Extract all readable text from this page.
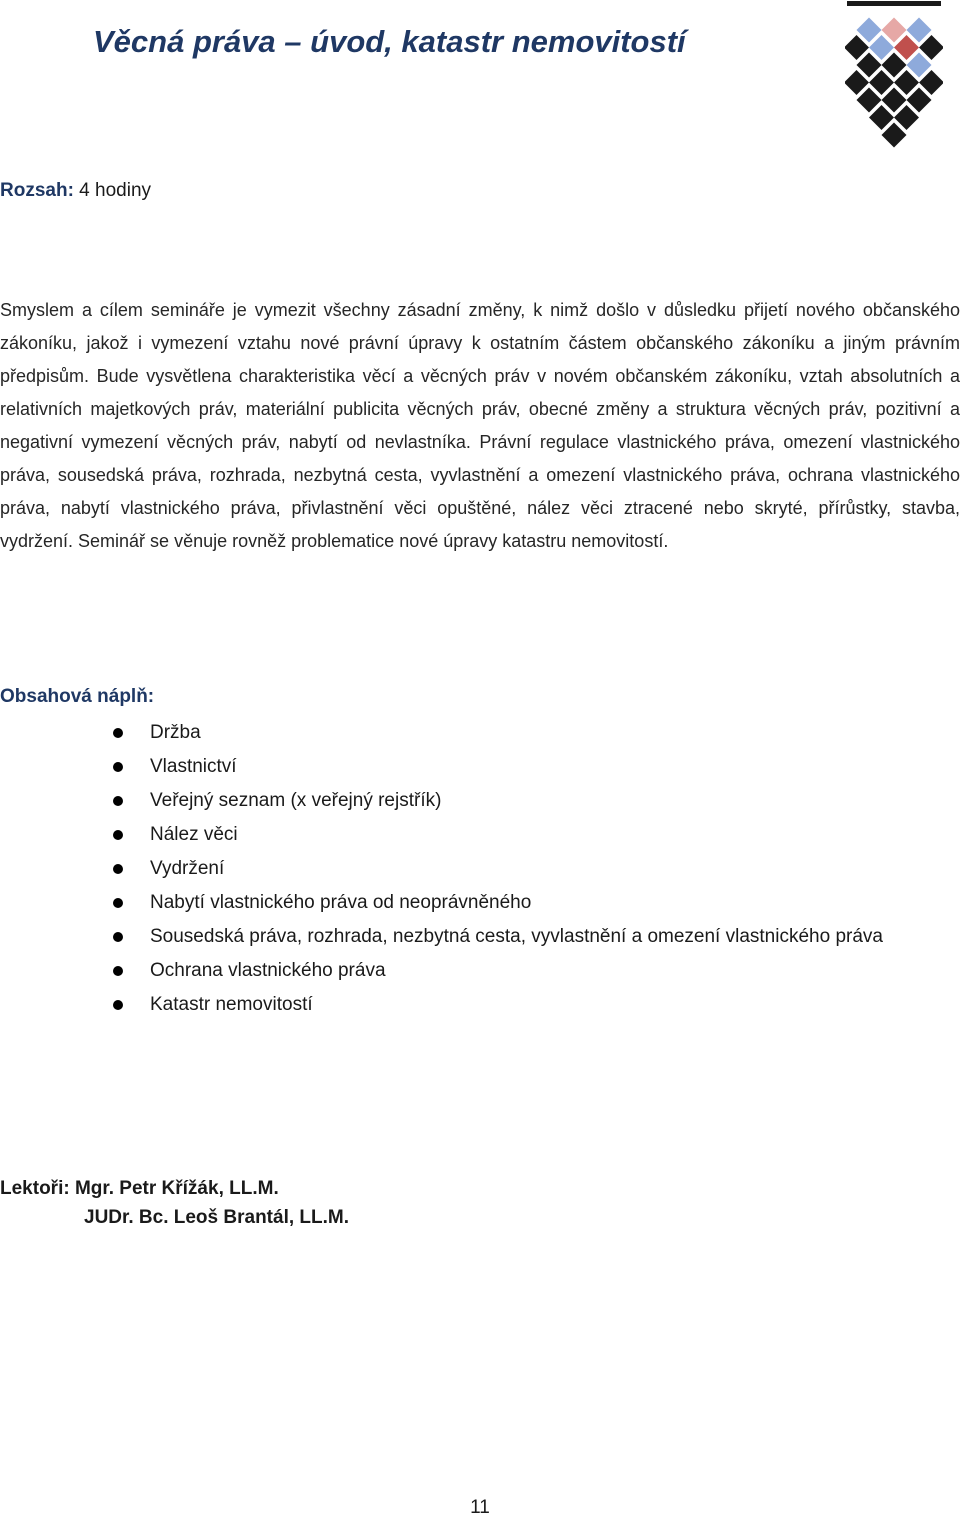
Věcná práva – úvod, katastr nemovitostí
Rozsah: 4 hodiny

Smyslem a cílem semináře je vymezit všechny zásadní změny, k nimž došlo v důsledku přijetí nového občanského zákoníku, jakož i vymezení vztahu nové právní úpravy k ostatním částem občanského zákoníku a jiným právním předpisům. Bude vysvětlena charakteristika věcí a věcných práv v novém občanském zákoníku, vztah absolutních a relativních majetkových práv, materiální publicita věcných práv, obecné změny a struktura věcných práv, pozitivní a negativní vymezení věcných práv, nabytí od nevlastníka. Právní regulace vlastnického práva, omezení vlastnického práva, sousedská práva, rozhrada, nezbytná cesta, vyvlastnění a omezení vlastnického práva, ochrana vlastnického práva, nabytí vlastnického práva, přivlastnění věci opuštěné, nález věci ztracené nebo skryté, přírůstky, stavba, vydržení. Seminář se věnuje rovněž problematice nové úpravy katastru nemovitostí.

Obsahová náplň:
Držba
Vlastnictví
Veřejný seznam (x veřejný rejstřík)
Nález věci
Vydržení
Nabytí vlastnického práva od neoprávněného
Sousedská práva, rozhrada, nezbytná cesta, vyvlastnění a omezení vlastnického práva
Ochrana vlastnického práva
Katastr nemovitostí
Lektoři: Mgr. Petr Křížák, LL.M.
JUDr. Bc. Leoš Brantál, LL.M.
11
